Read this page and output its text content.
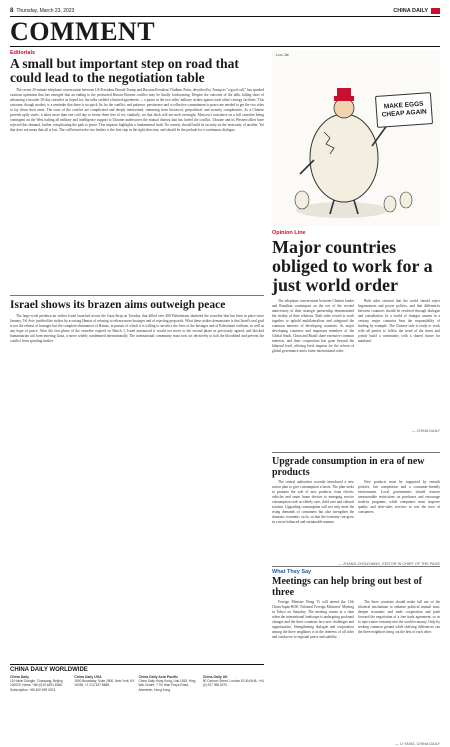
8 Thursday, March 23, 2023	CHINA DAILY
COMMENT
Editorials
A small but important step on road that could lead to the negotiation table

The recent 20-minute telephone conversation between US President Donald Trump and Russian President Vladimir Putin, described by Trump as "a good call," has sparked cautious optimism that has emerged that an ending to the protracted Russia-Ukraine conflict may be finally forthcoming. Despite the outcome of the talks falling short of advancing a broader 30-day ceasefire as hoped for, the talks yielded a limited agreement — a pause in the two sides' military strikes against each other's energy facilities. This outcome, though modest, is a reminder that there is no quick fix for the conflict, and patience, persistence and a collective commitment to peace are needed to get the two sides to lay down their arms. The roots of the conflict are complicated and deeply intertwined, stemming from historical, geopolitical, and security complexities. As a Chinese proverb aptly states, it takes more than one cold day to freeze three feet of ice; similarly, ice that thick will not melt overnight. Moscow's insistence on a full ceasefire being contingent on the West halting all military and intelligence support to Ukraine underscores the mutual distrust that has fueled the conflict. Ukraine and its Western allies have rejected this demand, further complicating the path to peace. This impasse highlights a fundamental truth: No country should build its security on the insecurity of another. Yet that does not mean that all is lost. The call between the two leaders is the first step in the right direction, and should be the prelude for a continuous dialogue.

Israel shows its brazen aims outweigh peace

The large-scale predawn air strikes Israel launched across the Gaza Strip on Tuesday, that killed over 400 Palestinians shattered the ceasefire that has been in place since January. Tel Aviv justified the strikes by accusing Hamas of refusing to release more hostages and of rejecting proposals. What these strikes demonstrate is that Israel's real goal is not the release of hostages but the complete elimination of Hamas, in pursuit of which it is willing to sacrifice the lives of the hostages and of Palestinian civilians, as well as any hope of peace. After the first phase of the ceasefire expired on March 1, Israel announced it would not move to the second phase as previously agreed, and blocked humanitarian aid from entering Gaza, a move widely condemned internationally. The international community must now act decisively to halt the bloodshed and prevent the conflict from spiraling further.

Luo Jie
MAKE EGGS
CHEAP AGAIN
Opinion Line
Major countries obliged to work for a just world order

The telephone conversation between Chinese leader and Brazilian counterpart on the eve of the second anniversary of their strategic partnership demonstrated the vitality of their relations. Both sides vowed to work together to uphold multilateralism and safeguard the common interests of developing countries. As major developing countries and important members of the Global South, China and Brazil share extensive common interests, and their cooperation has gone beyond the bilateral level, offering fresh impetus for the reform of global governance and a fairer international order.

Both sides stressed that the world should reject hegemonism and power politics, and that differences between countries should be resolved through dialogue and consultation. In a world of changes unseen in a century, major countries bear the responsibility of leading by example. The Chinese side is ready to work with all parties to follow the trend of the times and jointly build a community with a shared future for mankind.

— CHINA DAILY
Upgrade consumption in era of new products

The central authorities recently introduced a new action plan to give consumption a boost. The plan seeks to promote the sale of new products, from electric vehicles and smart home devices to emerging service consumption such as elderly care, child care and cultural tourism. Upgrading consumption will not only meet the rising demands of consumers but also strengthen the domestic economic cycle, so that the economy can grow in a more balanced and sustainable manner.

New products must be supported by smooth policies, fair competition and a consumer-friendly environment. Local governments should remove unreasonable restrictions on purchases and encourage trade-in programs, while companies must improve quality and after-sales services to win the trust of consumers.

— ZHANG ZHOUXIANG, EDITOR IN CHIEF OF THE PAGE
What They Say
Meetings can help bring out best of three

Foreign Minister Wang Yi will attend the 11th China-Japan-ROK Trilateral Foreign Ministers' Meeting in Tokyo on Saturday. The meeting comes at a time when the international landscape is undergoing profound changes and the three countries face new challenges and opportunities. Strengthening dialogue and cooperation among the three neighbors is in the interests of all sides and conducive to regional peace and stability.

The three countries should make full use of the trilateral mechanism to enhance political mutual trust, deepen economic and trade cooperation and push forward the negotiation of a free trade agreement, so as to inject more certainty into the world economy. Only by seeking common ground while shelving differences can the three neighbors bring out the best of each other.

— LI YANG, CHINA DAILY
CHINA DAILY WORLDWIDE
China Daily
15 Huixin Dongjie, Chaoyang, Beijing 100029. News: +86 (0)10 6491-8366. Subscription: +86 400 699 0203.
China Daily USA
1500 Broadway, Suite 2800, New York, NY 10036. +1 212 537 8888.
China Daily Asia Pacific
China Daily Hong Kong, Unit 1818, Hing Wai Centre, 7 Tin Wan Praya Road, Aberdeen, Hong Kong.
China Daily UK
90 Cannon Street, London EC4N 6HA. +44 (0) 207 398 8270.
